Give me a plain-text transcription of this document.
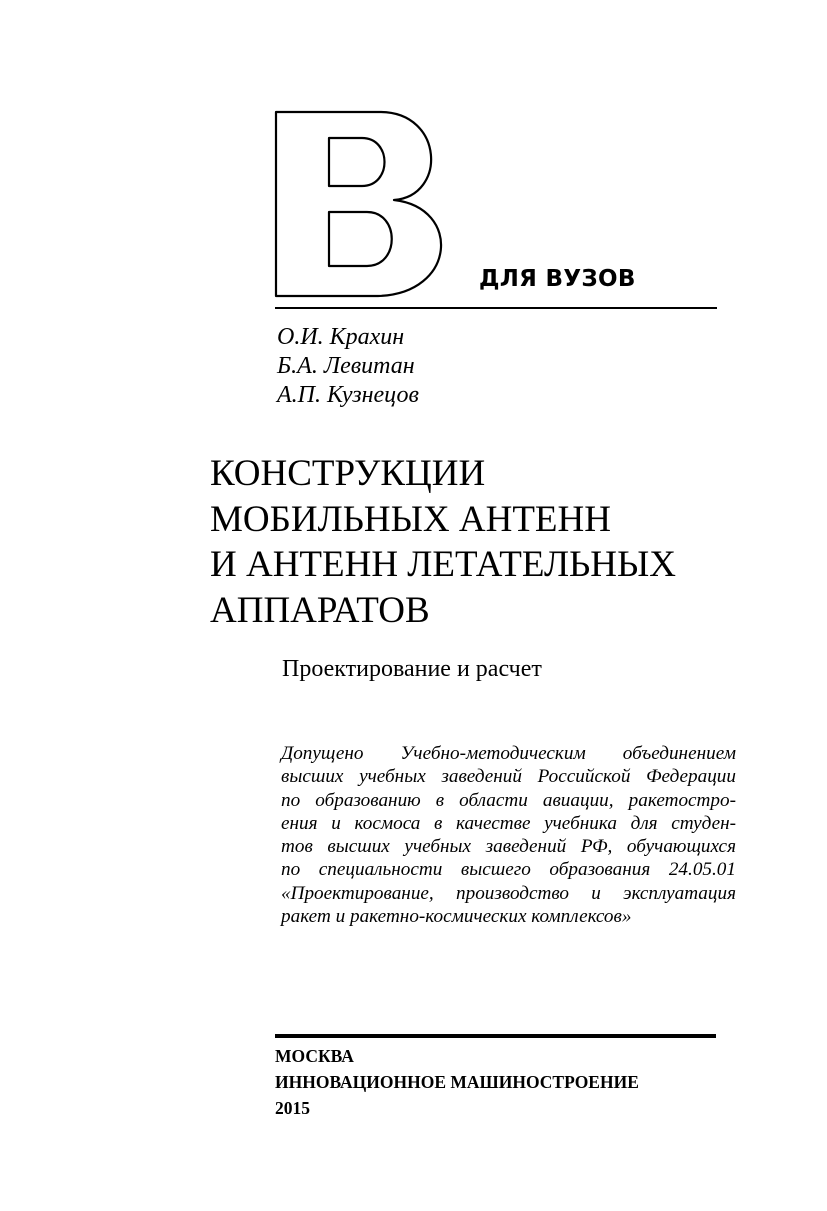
ДЛЯ ВУЗОВ
О.И. Крахин
Б.А. Левитан
А.П. Кузнецов
КОНСТРУКЦИИ
МОБИЛЬНЫХ АНТЕНН
И АНТЕНН ЛЕТАТЕЛЬНЫХ
АППАРАТОВ
Проектирование и расчет
Допущено Учебно-методическим объединением
высших учебных заведений Российской Федерации
по образованию в области авиации, ракетостро-
ения и космоса в качестве учебника для студен-
тов высших учебных заведений РФ, обучающихся
по специальности высшего образования 24.05.01
«Проектирование, производство и эксплуатация
ракет и ракетно-космических комплексов»
МОСКВА
ИННОВАЦИОННОЕ МАШИНОСТРОЕНИЕ
2015
